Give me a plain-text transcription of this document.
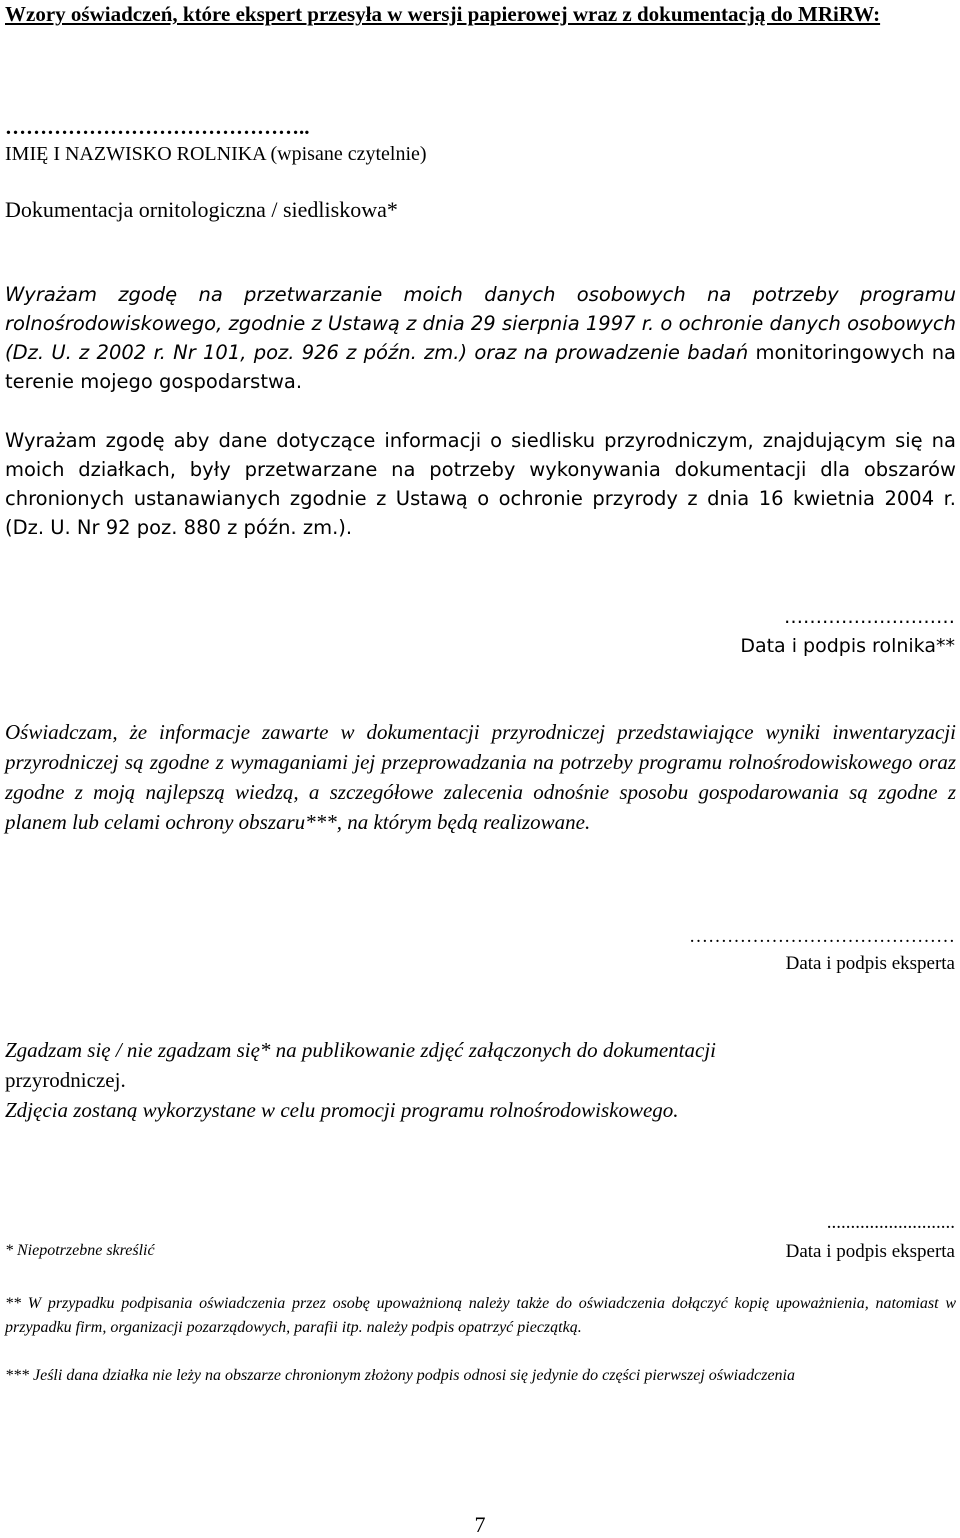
Wzory oświadczeń, które ekspert przesyła w wersji papierowej wraz z dokumentacją do MRiRW:
……………………………………..
IMIĘ I NAZWISKO ROLNIKA (wpisane czytelnie)
Dokumentacja ornitologiczna / siedliskowa*
Wyrażam zgodę na przetwarzanie moich danych osobowych na potrzeby programu rolnośrodowiskowego, zgodnie z Ustawą z dnia 29 sierpnia 1997 r. o ochronie danych osobowych (Dz. U. z 2002 r. Nr 101, poz. 926 z późn. zm.) oraz na prowadzenie badań monitoringowych na terenie mojego gospodarstwa.
Wyrażam zgodę aby dane dotyczące informacji o siedlisku przyrodniczym, znajdującym się na moich działkach, były przetwarzane na potrzeby wykonywania dokumentacji dla obszarów chronionych ustanawianych zgodnie z Ustawą o ochronie przyrody z dnia 16 kwietnia 2004 r. (Dz. U. Nr 92 poz. 880 z późn. zm.).
………………………
Data i podpis rolnika**
Oświadczam, że informacje zawarte w dokumentacji przyrodniczej przedstawiające wyniki inwentaryzacji przyrodniczej są zgodne z wymaganiami jej przeprowadzania na potrzeby programu rolnośrodowiskowego oraz zgodne z moją najlepszą wiedzą, a szczegółowe zalecenia odnośnie sposobu gospodarowania są zgodne z planem lub celami ochrony obszaru***, na którym będą realizowane.
……………………………………
Data i podpis eksperta
Zgadzam się / nie zgadzam się* na publikowanie zdjęć załączonych do dokumentacji
przyrodniczej.
Zdjęcia zostaną wykorzystane w celu promocji programu rolnośrodowiskowego.
...........................
Data i podpis eksperta
* Niepotrzebne skreślić
** W przypadku podpisania oświadczenia przez osobę upoważnioną należy także do oświadczenia dołączyć kopię upoważnienia, natomiast w przypadku firm, organizacji pozarządowych, parafii itp. należy podpis opatrzyć pieczątką.
*** Jeśli dana działka nie leży na obszarze chronionym złożony podpis odnosi się jedynie do części pierwszej oświadczenia
7
